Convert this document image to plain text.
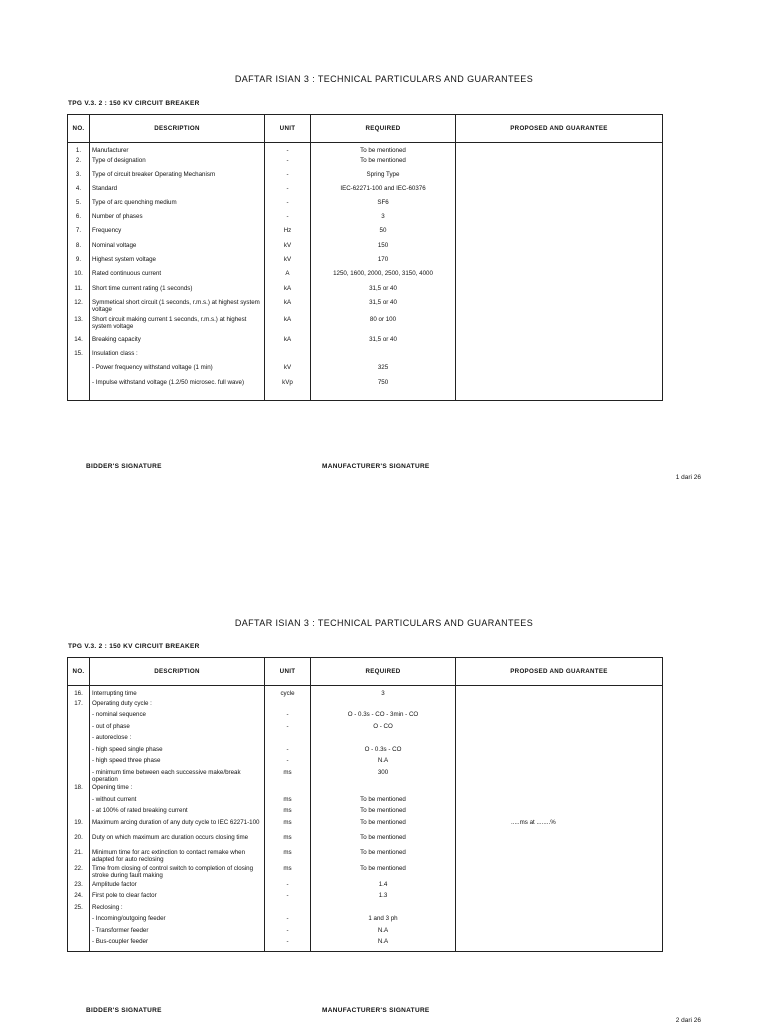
DAFTAR ISIAN 3 : TECHNICAL PARTICULARS AND GUARANTEES
TPG V.3. 2 : 150 KV CIRCUIT BREAKER
NO.	DESCRIPTION	UNIT	REQUIRED	PROPOSED AND GUARANTEE
1.	Manufacturer	-	To be mentioned	
2.	Type of designation	-	To be mentioned	
3.	Type of circuit breaker Operating Mechanism	-	Spring Type	
4.	Standard	-	IEC-62271-100 and IEC-60376	
5.	Type of arc quenching medium	-	SF6	
6.	Number of phases	-	3	
7.	Frequency	Hz	50	
8.	Nominal voltage	kV	150	
9.	Highest system voltage	kV	170	
10.	Rated continuous current	A	1250, 1600, 2000, 2500, 3150, 4000	
11.	Short time current rating (1 seconds)	kA	31,5 or 40	
12.	Symmetical short circuit (1 seconds, r.m.s.) at highest system voltage	kA	31,5 or 40	
13.	Short circuit making current 1 seconds, r.m.s.) at highest system voltage	kA	80 or 100	
14.	Breaking capacity	kA	31,5 or 40	
15.	Insulation class :			
	- Power frequency withstand voltage (1 min)	kV	325	
	- Impulse withstand voltage (1.2/50 microsec. full wave)	kVp	750	
BIDDER'S SIGNATURE	MANUFACTURER'S SIGNATURE
1 dari 26
DAFTAR ISIAN 3 : TECHNICAL PARTICULARS AND GUARANTEES
TPG V.3. 2 : 150 KV CIRCUIT BREAKER
NO.	DESCRIPTION	UNIT	REQUIRED	PROPOSED AND GUARANTEE
16.	Interrupting time	cycle	3	
17.	Operating duty cycle :			
	- nominal sequence	-	O - 0.3s - CO - 3min - CO	
	- out of phase	-	O - CO	
	- autoreclose :			
	- high speed single phase	-	O - 0.3s - CO	
	- high speed three phase	-	N.A	
	- minimum time between each successive make/break operation	ms	300	
18.	Opening time :			
	- without current	ms	To be mentioned	
	- at 100% of rated breaking current	ms	To be mentioned	
19.	Maximum arcing duration of any duty cycle to IEC 62271-100	ms	To be mentioned	.....ms at ........%
20.	Duty on which maximum arc duration occurs closing time	ms	To be mentioned	
21.	Minimum time for arc extinction to contact remake when adapted for auto reclosing	ms	To be mentioned	
22.	Time from closing of control switch to completion of closing stroke during fault making	ms	To be mentioned	
23.	Amplitude factor	-	1.4	
24.	First pole to clear factor	-	1.3	
25.	Reclosing :			
	- Incoming/outgoing feeder	-	1 and 3 ph	
	- Transformer feeder	-	N.A	
	- Bus-coupler feeder	-	N.A	
BIDDER'S SIGNATURE	MANUFACTURER'S SIGNATURE
2 dari 26
